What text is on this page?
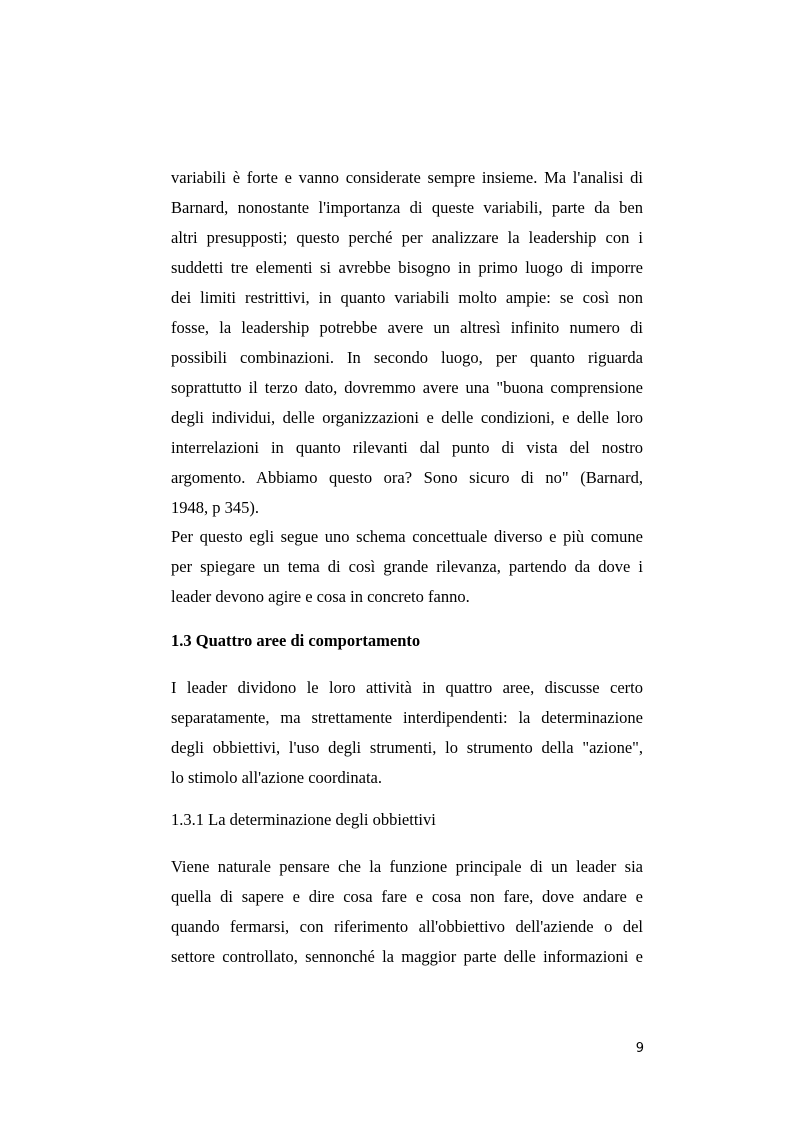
variabili è forte e vanno considerate sempre insieme. Ma l'analisi di
Barnard, nonostante l'importanza di queste variabili, parte da ben
altri presupposti; questo perché per analizzare la leadership con i
suddetti tre elementi si avrebbe bisogno in primo luogo di imporre
dei limiti restrittivi, in quanto variabili molto ampie: se così non
fosse, la leadership potrebbe avere un altresì infinito numero di
possibili combinazioni. In secondo luogo, per quanto riguarda
soprattutto il terzo dato, dovremmo avere una "buona comprensione
degli individui, delle organizzazioni e delle condizioni, e delle loro
interrelazioni in quanto rilevanti dal punto di vista del nostro
argomento. Abbiamo questo ora? Sono sicuro di no" (Barnard,
1948, p 345).

Per questo egli segue uno schema concettuale diverso e più comune
per spiegare un tema di così grande rilevanza, partendo da dove i
leader devono agire e cosa in concreto fanno.

1.3 Quattro aree di comportamento

I leader dividono le loro attività in quattro aree, discusse certo
separatamente, ma strettamente interdipendenti: la determinazione
degli obbiettivi, l'uso degli strumenti, lo strumento della "azione",
lo stimolo all'azione coordinata.

1.3.1 La determinazione degli obbiettivi

Viene naturale pensare che la funzione principale di un leader sia
quella di sapere e dire cosa fare e cosa non fare, dove andare e
quando fermarsi, con riferimento all'obbiettivo dell'aziende o del
settore controllato, sennonché la maggior parte delle informazioni e

9
